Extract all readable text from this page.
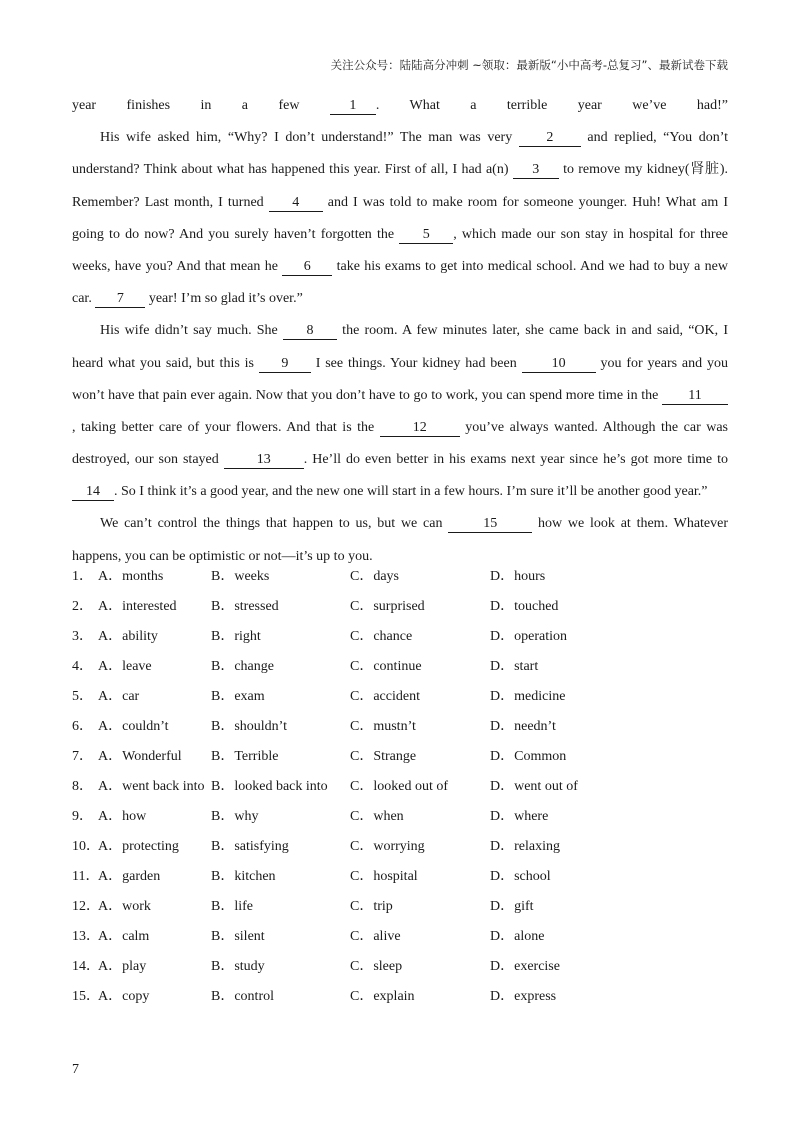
关注公众号：陆陆高分冲刺 ~领取：最新版“小中高考-总复习”、最新试卷下载
year finishes in a few 1 . What a terrible year we’ve had!”
His wife asked him, “Why? I don’t understand!” The man was very 2 and replied, “You don’t
understand? Think about what has happened this year. First of all, I had a(n) 3 to remove my kidney(肾脏).
Remember? Last month, I turned 4 and I was told to make room for someone younger. Huh! What am I
going to do now? And you surely haven’t forgotten the 5 , which made our son stay in hospital for three
weeks, have you? And that mean he 6 take his exams to get into medical school. And we had to buy a new
car. 7 year! I’m so glad it’s over.”
His wife didn’t say much. She 8 the room. A few minutes later, she came back in and said, “OK, I
heard what you said, but this is 9 I see things. Your kidney had been 10 you for years and you
won’t have that pain ever again. Now that you don’t have to go to work, you can spend more time in the 11
, taking better care of your flowers. And that is the 12 you’ve always wanted. Although the car was
destroyed, our son stayed 13 . He’ll do even better in his exams next year since he’s got more time to
14 . So I think it’s a good year, and the new one will start in a few hours. I’m sure it’ll be another good year.”
We can’t control the things that happen to us, but we can	15	how we look at them. Whatever
happens, you can be optimistic or not—it’s up to you.
1． A．months	B．weeks	C．days	D．hours
2． A．interested B．stressed	C．surprised	D．touched
3． A．ability	B．right	C．chance	D．operation
4． A．leave	B．change	C．continue	D．start
5． A．car	B．exam	C．accident	D．medicine
6． A．couldn’t	B．shouldn’t	C．mustn’t	D．needn’t
7． A．Wonderful B．Terrible	C．Strange	D．Common
8． A．went back into B．looked back into C．looked out of	D．went out of
9． A．how	B．why	C．when	D．where
10．
A．protecting B．satisfying	C．worrying	D．relaxing
11．
A．garden	B．kitchen	C．hospital	D．school
12．
A．work	B．life	C．trip	D．gift
13．
A．calm	B．silent	C．alive	D．alone
14．
A．play	B．study	C．sleep	D．exercise
15．
A．copy	B．control	C．explain	D．express
7
